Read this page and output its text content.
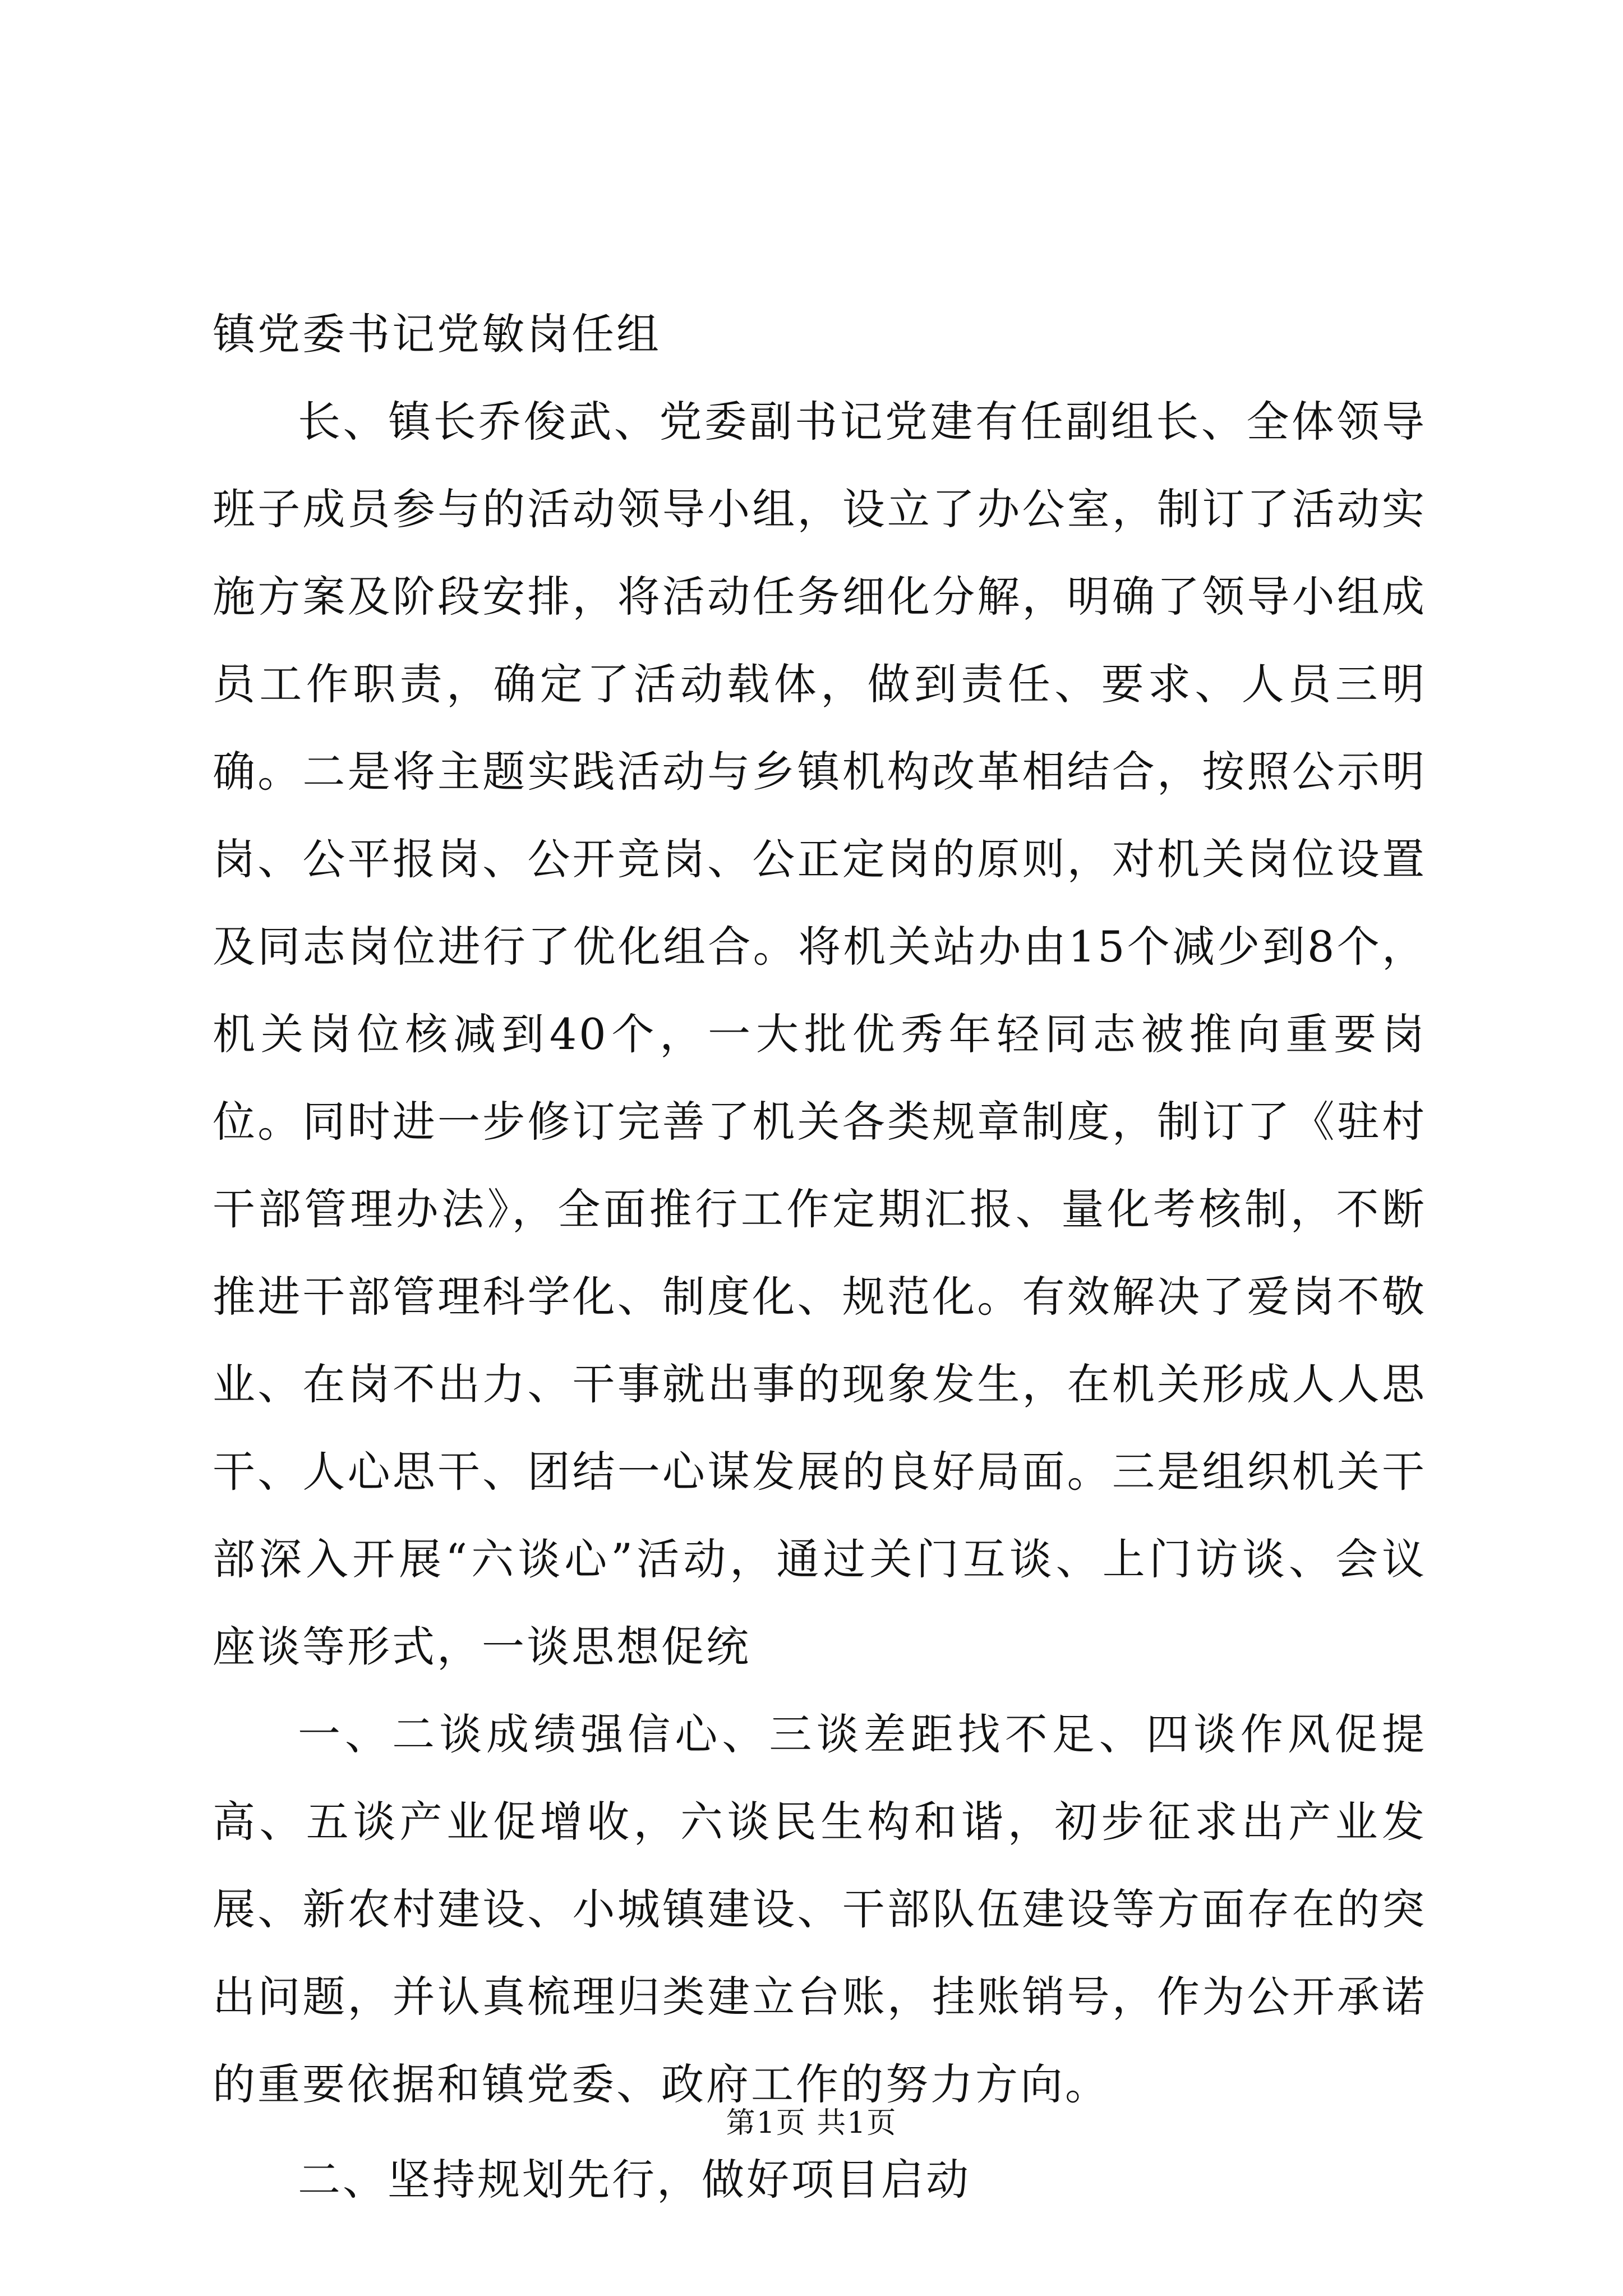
镇党委书记党敏岗任组

长、镇长乔俊武、党委副书记党建有任副组长、全体领导班子成员参与的活动领导小组，设立了办公室，制订了活动实施方案及阶段安排，将活动任务细化分解，明确了领导小组成员工作职责，确定了活动载体，做到责任、要求、人员三明确。二是将主题实践活动与乡镇机构改革相结合，按照公示明岗、公平报岗、公开竞岗、公正定岗的原则，对机关岗位设置及同志岗位进行了优化组合。将机关站办由15个减少到8个，机关岗位核减到40个，一大批优秀年轻同志被推向重要岗位。同时进一步修订完善了机关各类规章制度，制订了《驻村干部管理办法》，全面推行工作定期汇报、量化考核制，不断推进干部管理科学化、制度化、规范化。有效解决了爱岗不敬业、在岗不出力、干事就出事的现象发生，在机关形成人人思干、人心思干、团结一心谋发展的良好局面。三是组织机关干部深入开展“六谈心”活动，通过关门互谈、上门访谈、会议座谈等形式，一谈思想促统

一、二谈成绩强信心、三谈差距找不足、四谈作风促提高、五谈产业促增收，六谈民生构和谐，初步征求出产业发展、新农村建设、小城镇建设、干部队伍建设等方面存在的突出问题，并认真梳理归类建立台账，挂账销号，作为公开承诺的重要依据和镇党委、政府工作的努力方向。

二、坚持规划先行，做好项目启动

第1页 共1页
